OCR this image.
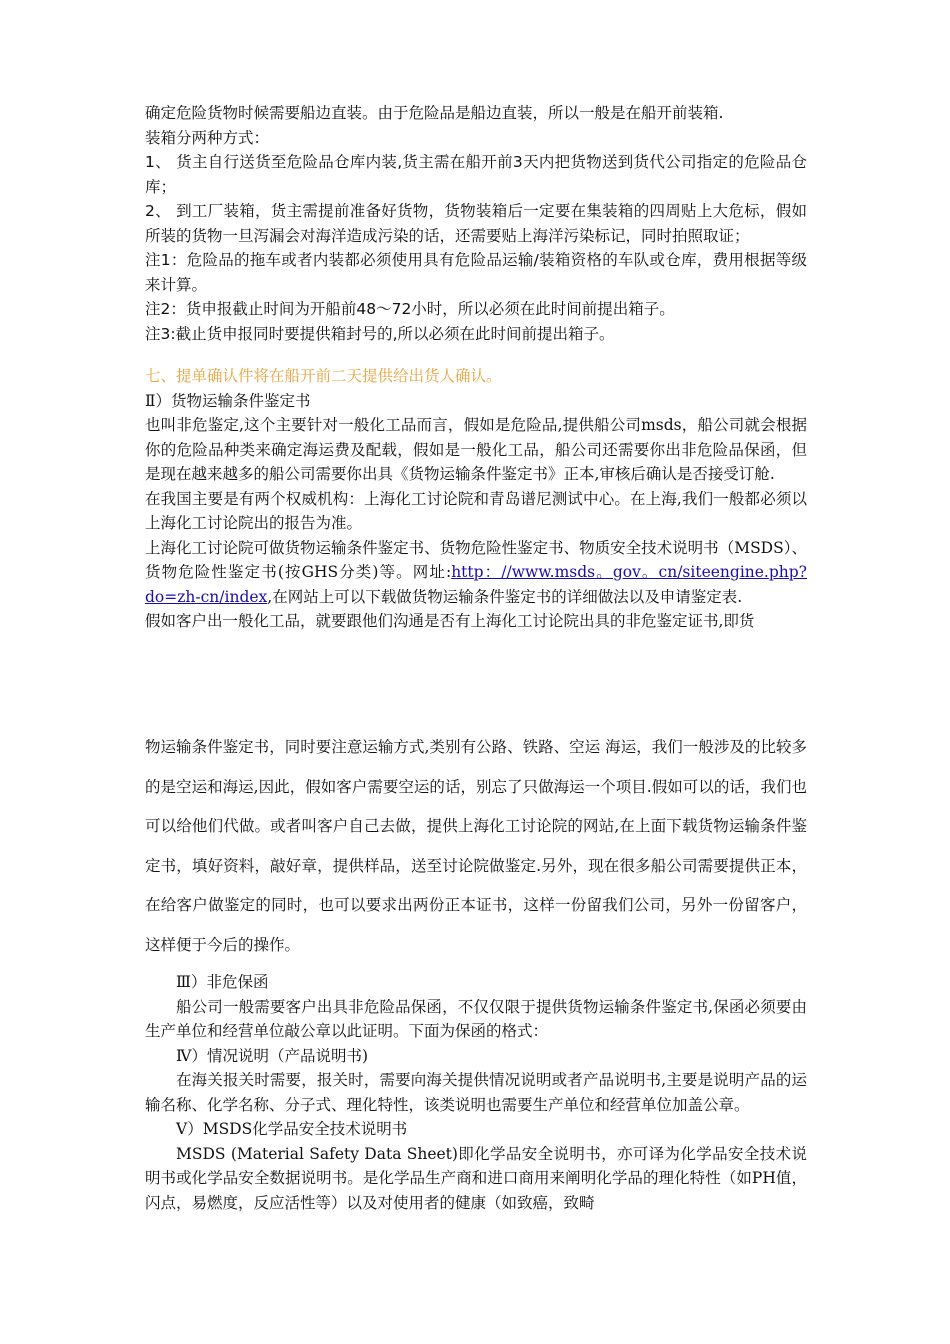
确定危险货物时候需要船边直装。由于危险品是船边直装，所以一般是在船开前装箱.

装箱分两种方式：

1、 货主自行送货至危险品仓库内装,货主需在船开前3天内把货物送到货代公司指定的危险品仓库；

2、 到工厂装箱，货主需提前准备好货物，货物装箱后一定要在集装箱的四周贴上大危标，假如所装的货物一旦泻漏会对海洋造成污染的话，还需要贴上海洋污染标记，同时拍照取证；

注1：危险品的拖车或者内装都必须使用具有危险品运输/装箱资格的车队或仓库，费用根据等级来计算。

注2：货申报截止时间为开船前48～72小时，所以必须在此时间前提出箱子。

注3:截止货申报同时要提供箱封号的,所以必须在此时间前提出箱子。

七、提单确认件将在船开前二天提供给出货人确认。

Ⅱ）货物运输条件鉴定书

也叫非危鉴定,这个主要针对一般化工品而言，假如是危险品,提供船公司msds，船公司就会根据你的危险品种类来确定海运费及配载，假如是一般化工品，船公司还需要你出非危险品保函，但是现在越来越多的船公司需要你出具《货物运输条件鉴定书》正本,审核后确认是否接受订舱.

在我国主要是有两个权威机构：上海化工讨论院和青岛谱尼测试中心。在上海,我们一般都必须以上海化工讨论院出的报告为准。

上海化工讨论院可做货物运输条件鉴定书、货物危险性鉴定书、物质安全技术说明书（MSDS）、货物危险性鉴定书(按GHS分类)等。网址:http：//www.msds。gov。cn/siteengine.php?do=zh-cn/index,在网站上可以下载做货物运输条件鉴定书的详细做法以及申请鉴定表.

假如客户出一般化工品，就要跟他们沟通是否有上海化工讨论院出具的非危鉴定证书,即货

物运输条件鉴定书，同时要注意运输方式,类别有公路、铁路、空运 海运，我们一般涉及的比较多的是空运和海运,因此，假如客户需要空运的话，别忘了只做海运一个项目.假如可以的话，我们也可以给他们代做。或者叫客户自己去做，提供上海化工讨论院的网站,在上面下载货物运输条件鉴定书，填好资料，敲好章，提供样品，送至讨论院做鉴定.另外，现在很多船公司需要提供正本，在给客户做鉴定的同时，也可以要求出两份正本证书，这样一份留我们公司，另外一份留客户，这样便于今后的操作。

Ⅲ）非危保函

船公司一般需要客户出具非危险品保函，不仅仅限于提供货物运输条件鉴定书,保函必须要由生产单位和经营单位敲公章以此证明。下面为保函的格式：

Ⅳ）情况说明（产品说明书)

在海关报关时需要，报关时，需要向海关提供情况说明或者产品说明书,主要是说明产品的运输名称、化学名称、分子式、理化特性，该类说明也需要生产单位和经营单位加盖公章。

Ⅴ）MSDS化学品安全技术说明书

MSDS (Material Safety Data Sheet)即化学品安全说明书，亦可译为化学品安全技术说明书或化学品安全数据说明书。是化学品生产商和进口商用来阐明化学品的理化特性（如PH值，闪点，易燃度，反应活性等）以及对使用者的健康（如致癌，致畸
